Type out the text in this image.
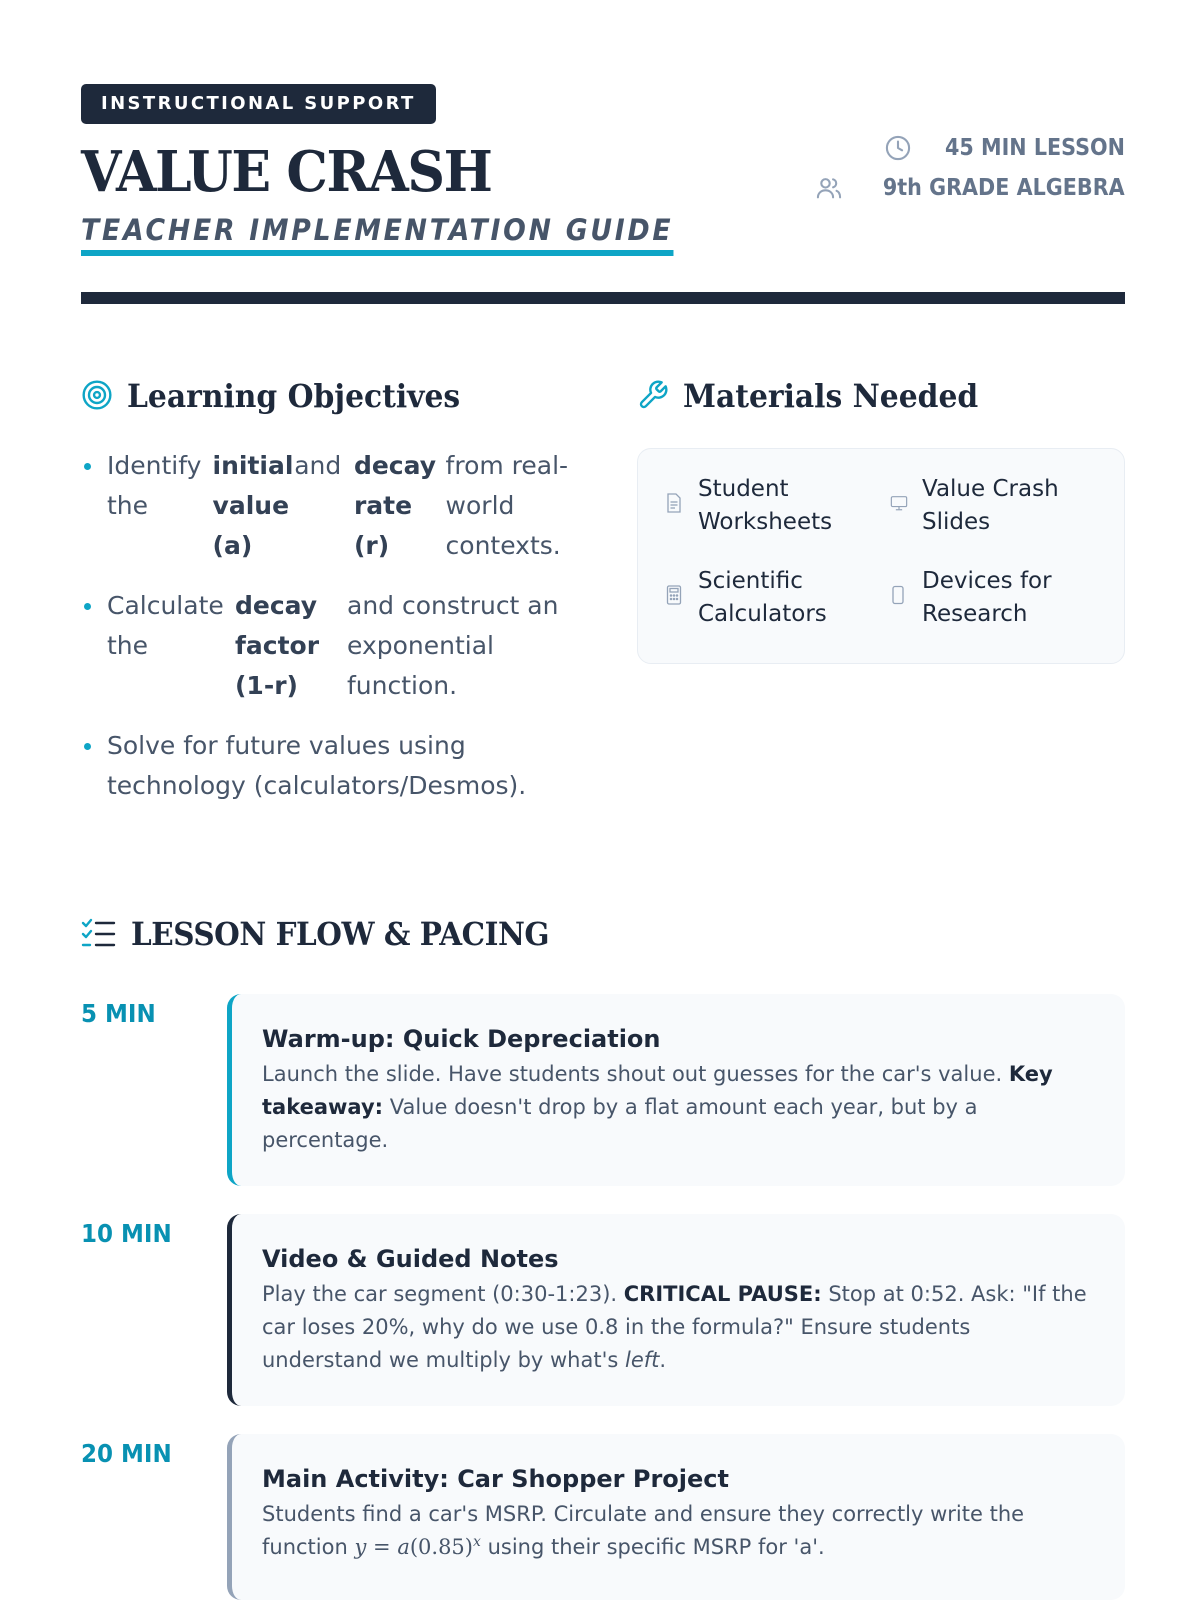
INSTRUCTIONAL SUPPORT
VALUE CRASH
TEACHER IMPLEMENTATION GUIDE
45 MIN LESSON
9th GRADE ALGEBRA
Learning Objectives
Identify the
initial value (a)
and decay rate (r)
from real-world contexts.
Calculate the
decay factor (1-r)
and construct an exponential function.
Solve for future values using technology (calculators/Desmos).
Materials Needed
Student Worksheets
Value Crash Slides
Scientific Calculators
Devices for Research
LESSON FLOW & PACING
5 MIN
Warm-up: Quick Depreciation
Launch the slide. Have students shout out guesses for the car's value. Key takeaway: Value doesn't drop by a flat amount each year, but by a percentage.
10 MIN
Video & Guided Notes
Play the car segment (0:30-1:23). CRITICAL PAUSE: Stop at 0:52. Ask: "If the car loses 20%, why do we use 0.8 in the formula?" Ensure students understand we multiply by what's left.
20 MIN
Main Activity: Car Shopper Project
Students find a car's MSRP. Circulate and ensure they correctly write the function $y = a(0.85)^x$ using their specific MSRP for 'a'.
